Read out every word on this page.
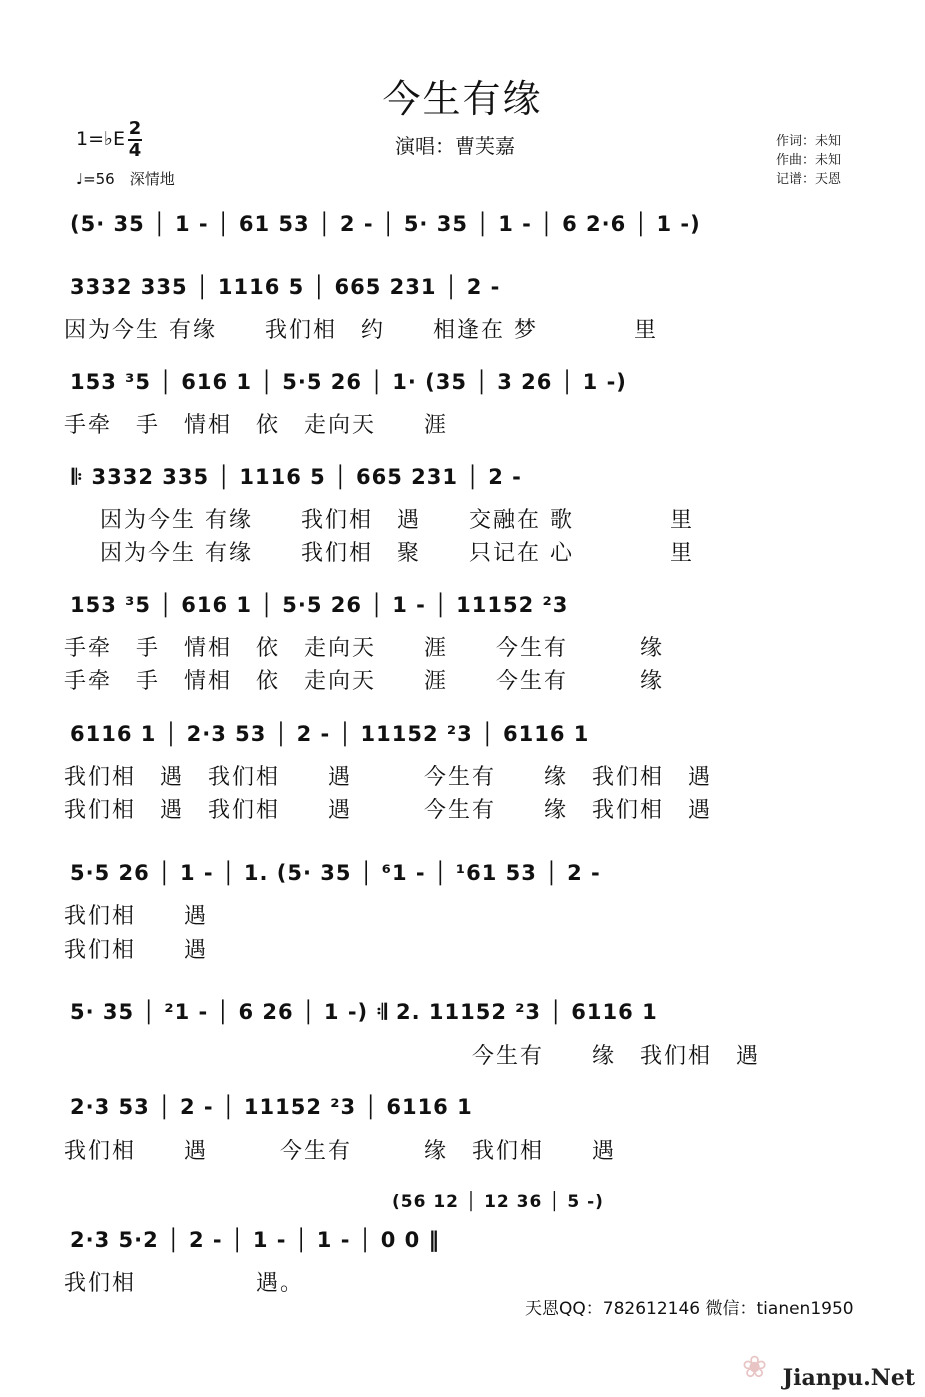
今生有缘
1=♭E 2
4
♩=56　深情地
演唱：曹芙嘉	作词：未知
作曲：未知
记谱：天恩
(5· 35 │ 1 - │ 61 53 │ 2 - │ 5· 35 │ 1 - │ 6 2·6 │ 1 -)
3332 335 │ 1116 5 │ 665 231 │ 2 -
因为今生 有缘　　我们相　约　　相逢在 梦　　　　里
153 ³5 │ 616 1 │ 5·5 26 │ 1· (35 │ 3 26 │ 1 -)
手牵　手　情相　依　走向天　　涯
𝄆 3332 335 │ 1116 5 │ 665 231 │ 2 -
因为今生 有缘　　我们相　遇　　交融在 歌　　　　里
因为今生 有缘　　我们相　聚　　只记在 心　　　　里
153 ³5 │ 616 1 │ 5·5 26 │ 1 - │ 11152 ²3
手牵　手　情相　依　走向天　　涯　　今生有　　　缘
手牵　手　情相　依　走向天　　涯　　今生有　　　缘
6116 1 │ 2·3 53 │ 2 - │ 11152 ²3 │ 6116 1
我们相　遇　我们相　　遇　　　今生有　　缘　我们相　遇
我们相　遇　我们相　　遇　　　今生有　　缘　我们相　遇
5·5 26 │ 1 - │ 1. (5· 35 │ ⁶1 - │ ¹61 53 │ 2 -
我们相　　遇
我们相　　遇
5· 35 │ ²1 - │ 6 26 │ 1 -) 𝄇 2. 11152 ²3 │ 6116 1
　　　　　　　　　　　　　　　　　今生有　　缘　我们相　遇
2·3 53 │ 2 - │ 11152 ²3 │ 6116 1
我们相　　遇　　　今生有　　　缘　我们相　　遇
(56 12 │ 12 36 │ 5 -)
2·3 5·2 │ 2 - │ 1 - │ 1 - │ 0 0 ‖
我们相　　　　　遇。
天恩QQ：782612146 微信：tianen1950
❀ Jianpu.Net
